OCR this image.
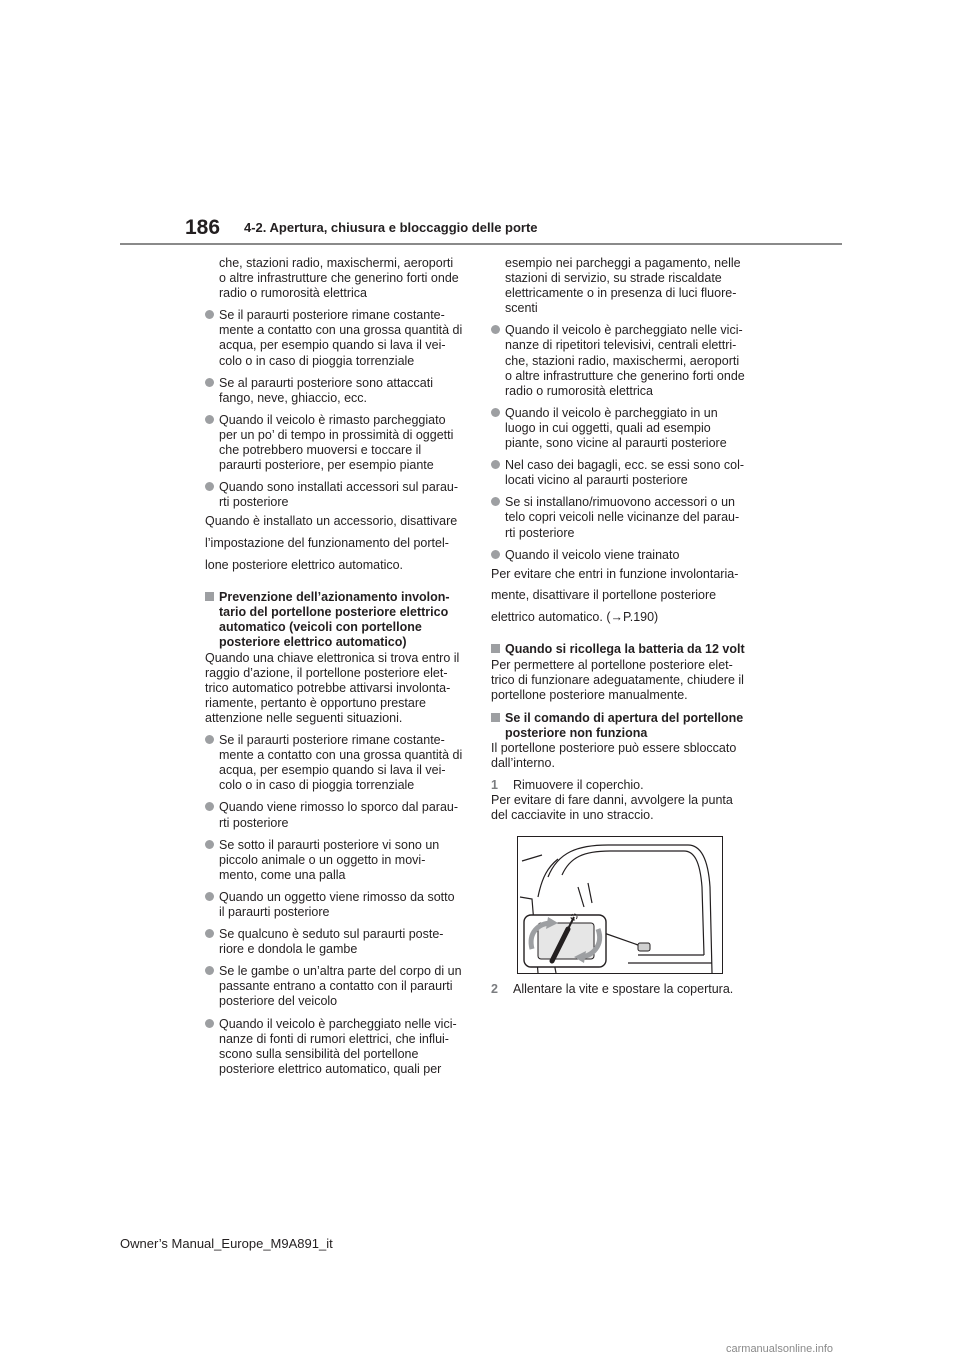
186 4-2. Apertura, chiusura e bloccaggio delle porte
che, stazioni radio, maxischermi, aeroporti o altre infrastrutture che generino forti onde radio o rumorosità elettrica
Se il paraurti posteriore rimane costante-mente a contatto con una grossa quantità di acqua, per esempio quando si lava il vei-colo o in caso di pioggia torrenziale
Se al paraurti posteriore sono attaccati fango, neve, ghiaccio, ecc.
Quando il veicolo è rimasto parcheggiato per un po’ di tempo in prossimità di oggetti che potrebbero muoversi e toccare il paraurti posteriore, per esempio piante
Quando sono installati accessori sul parau-rti posteriore
Quando è installato un accessorio, disattivare
l’impostazione del funzionamento del portel-
lone posteriore elettrico automatico.
Prevenzione dell’azionamento involon-tario del portellone posteriore elettrico automatico (veicoli con portellone posteriore elettrico automatico)
Quando una chiave elettronica si trova entro il raggio d’azione, il portellone posteriore elet-trico automatico potrebbe attivarsi involonta-riamente, pertanto è opportuno prestare attenzione nelle seguenti situazioni.
Se il paraurti posteriore rimane costante-mente a contatto con una grossa quantità di acqua, per esempio quando si lava il vei-colo o in caso di pioggia torrenziale
Quando viene rimosso lo sporco dal parau-rti posteriore
Se sotto il paraurti posteriore vi sono un piccolo animale o un oggetto in movi-mento, come una palla
Quando un oggetto viene rimosso da sotto il paraurti posteriore
Se qualcuno è seduto sul paraurti poste-riore e dondola le gambe
Se le gambe o un’altra parte del corpo di un passante entrano a contatto con il paraurti posteriore del veicolo
Quando il veicolo è parcheggiato nelle vici-nanze di fonti di rumori elettrici, che influi-scono sulla sensibilità del portellone posteriore elettrico automatico, quali per
esempio nei parcheggi a pagamento, nelle stazioni di servizio, su strade riscaldate elettricamente o in presenza di luci fluore-scenti
Quando il veicolo è parcheggiato nelle vici-nanze di ripetitori televisivi, centrali elettri-che, stazioni radio, maxischermi, aeroporti o altre infrastrutture che generino forti onde radio o rumorosità elettrica
Quando il veicolo è parcheggiato in un luogo in cui oggetti, quali ad esempio piante, sono vicine al paraurti posteriore
Nel caso dei bagagli, ecc. se essi sono col-locati vicino al paraurti posteriore
Se si installano/rimuovono accessori o un telo copri veicoli nelle vicinanze del parau-rti posteriore
Quando il veicolo viene trainato
Per evitare che entri in funzione involontaria-
mente, disattivare il portellone posteriore
elettrico automatico. (→P.190)
Quando si ricollega la batteria da 12 volt
Per permettere al portellone posteriore elet-trico di funzionare adeguatamente, chiudere il portellone posteriore manualmente.
Se il comando di apertura del portellone posteriore non funziona
Il portellone posteriore può essere sbloccato dall’interno.
1 Rimuovere il coperchio.
Per evitare di fare danni, avvolgere la punta del cacciavite in uno straccio.
2 Allentare la vite e spostare la copertura.
Owner’s Manual_Europe_M9A891_it
carmanualsonline.info
